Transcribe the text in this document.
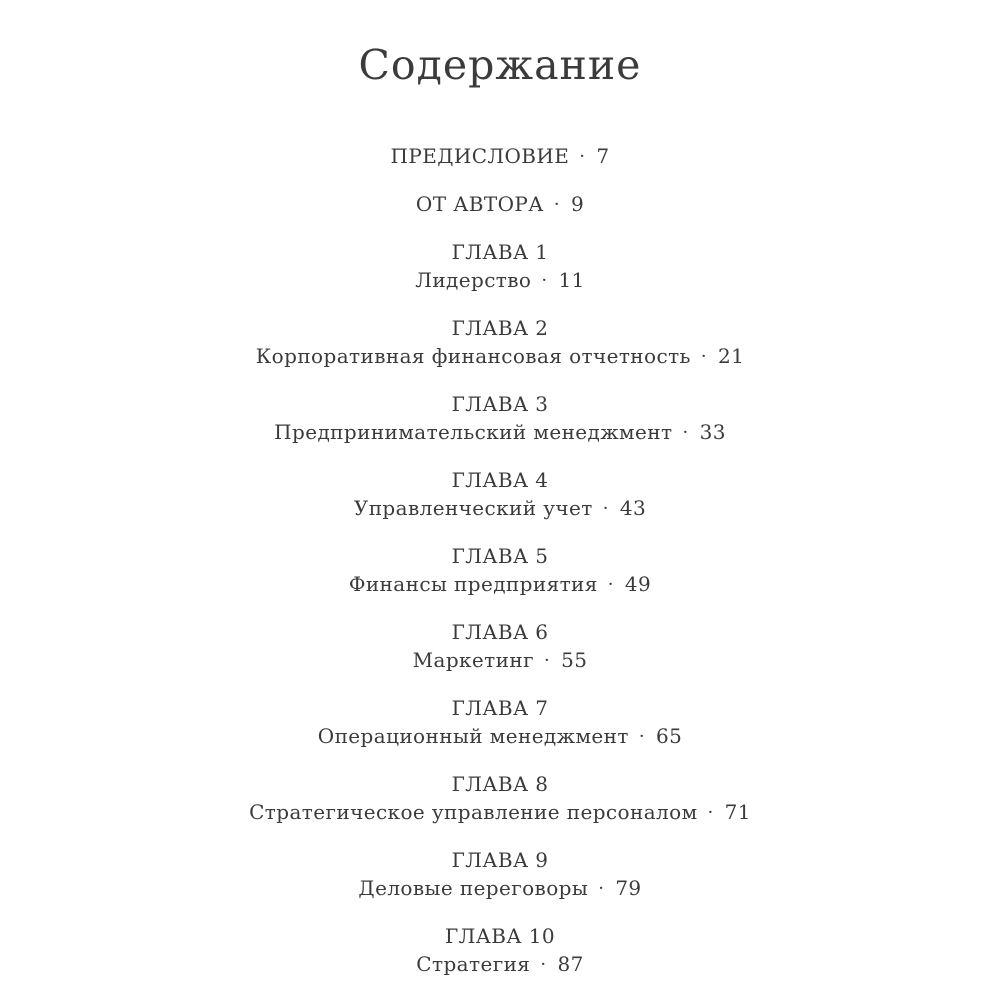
Содержание
ПРЕДИСЛОВИЕ · 7
ОТ АВТОРА · 9
ГЛАВА 1
Лидерство · 11
ГЛАВА 2
Корпоративная финансовая отчетность · 21
ГЛАВА 3
Предпринимательский менеджмент · 33
ГЛАВА 4
Управленческий учет · 43
ГЛАВА 5
Финансы предприятия · 49
ГЛАВА 6
Маркетинг · 55
ГЛАВА 7
Операционный менеджмент · 65
ГЛАВА 8
Стратегическое управление персоналом · 71
ГЛАВА 9
Деловые переговоры · 79
ГЛАВА 10
Стратегия · 87
